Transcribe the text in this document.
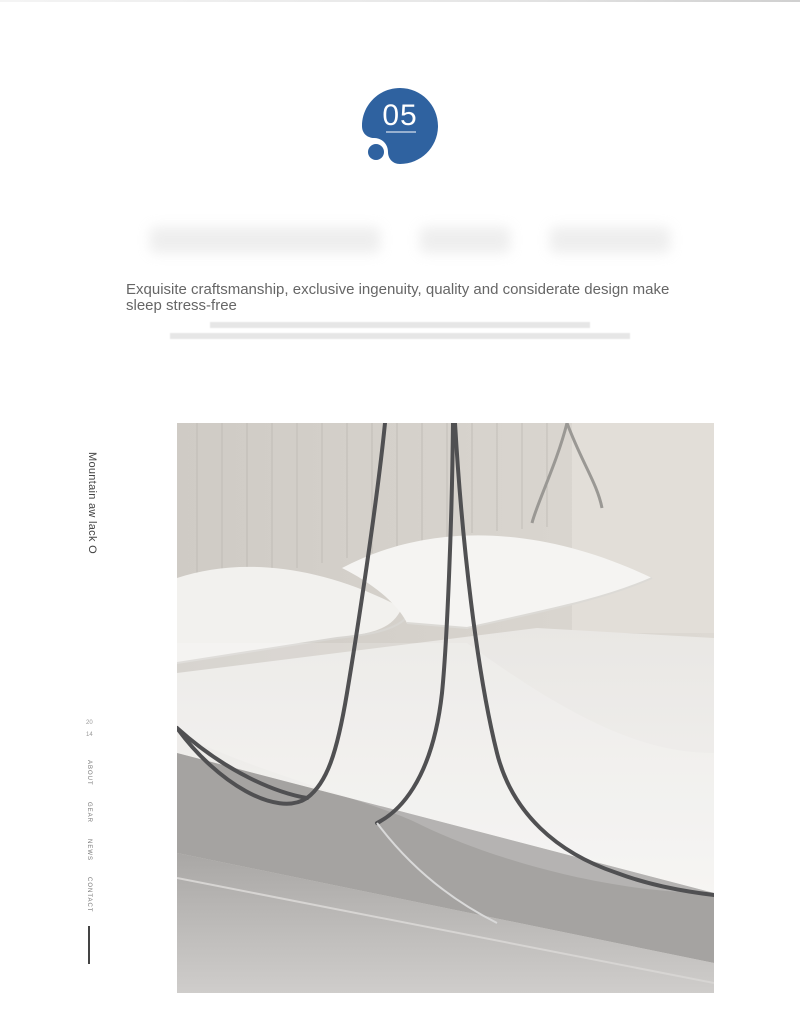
05
Exquisite craftsmanship, exclusive ingenuity, quality and considerate design make sleep stress-free
Mountain aw lack O
20
14
ABOUT
GEAR
NEWS
CONTACT
